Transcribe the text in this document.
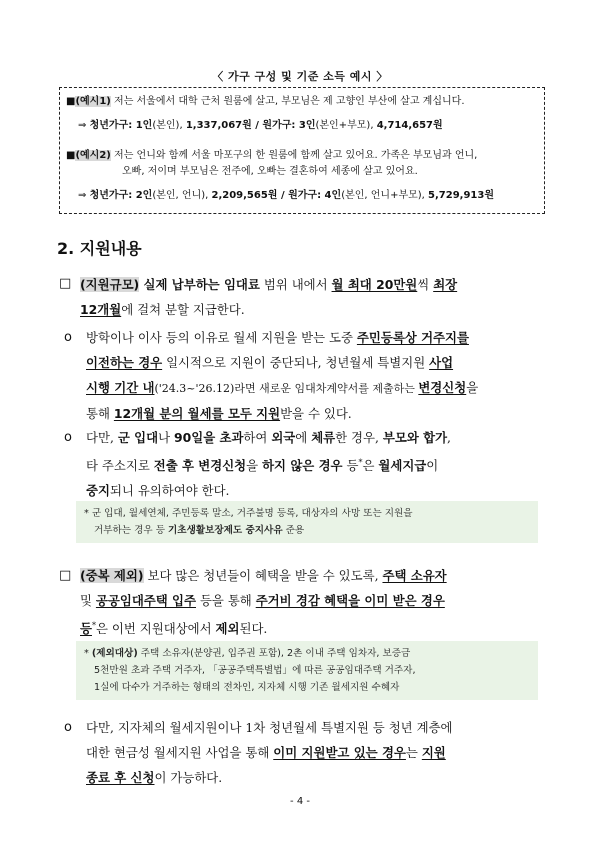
〈 가구 구성 및 기준 소득 예시 〉
■(예시1) 저는 서울에서 대학 근처 원룸에 살고, 부모님은 제 고향인 부산에 살고 계십니다.
⇒ 청년가구: 1인(본인), 1,337,067원 / 원가구: 3인(본인+부모), 4,714,657원
■(예시2) 저는 언니와 함께 서울 마포구의 한 원룸에 함께 살고 있어요. 가족은 부모님과 언니,
오빠, 저이며 부모님은 전주에, 오빠는 결혼하여 세종에 살고 있어요.
⇒ 청년가구: 2인(본인, 언니), 2,209,565원 / 원가구: 4인(본인, 언니+부모), 5,729,913원
2. 지원내용
□ (지원규모) 실제 납부하는 임대료 범위 내에서 월 최대 20만원씩 최장
12개월에 걸쳐 분할 지급한다.
ο 방학이나 이사 등의 이유로 월세 지원을 받는 도중 주민등록상 거주지를
이전하는 경우 일시적으로 지원이 중단되나, 청년월세 특별지원 사업
시행 기간 내('24.3~'26.12)라면 새로운 임대차계약서를 제출하는 변경신청을
통해 12개월 분의 월세를 모두 지원받을 수 있다.
ο 다만, 군 입대나 90일을 초과하여 외국에 체류한 경우, 부모와 합가,
타 주소지로 전출 후 변경신청을 하지 않은 경우 등*은 월세지급이
중지되니 유의하여야 한다.
* 군 입대, 월세연체, 주민등록 말소, 거주불명 등록, 대상자의 사망 또는 지원을
거부하는 경우 등 기초생활보장제도 중지사유 준용
□ (중복 제외) 보다 많은 청년들이 혜택을 받을 수 있도록, 주택 소유자
및 공공임대주택 입주 등을 통해 주거비 경감 혜택을 이미 받은 경우
등*은 이번 지원대상에서 제외된다.
* (제외대상) 주택 소유자(분양권, 입주권 포함), 2촌 이내 주택 임차자, 보증금
5천만원 초과 주택 거주자, 「공공주택특별법」에 따른 공공임대주택 거주자,
1실에 다수가 거주하는 형태의 전차인, 지자체 시행 기존 월세지원 수혜자
ο 다만, 지자체의 월세지원이나 1차 청년월세 특별지원 등 청년 계층에
대한 현금성 월세지원 사업을 통해 이미 지원받고 있는 경우는 지원
종료 후 신청이 가능하다.
- 4 -
